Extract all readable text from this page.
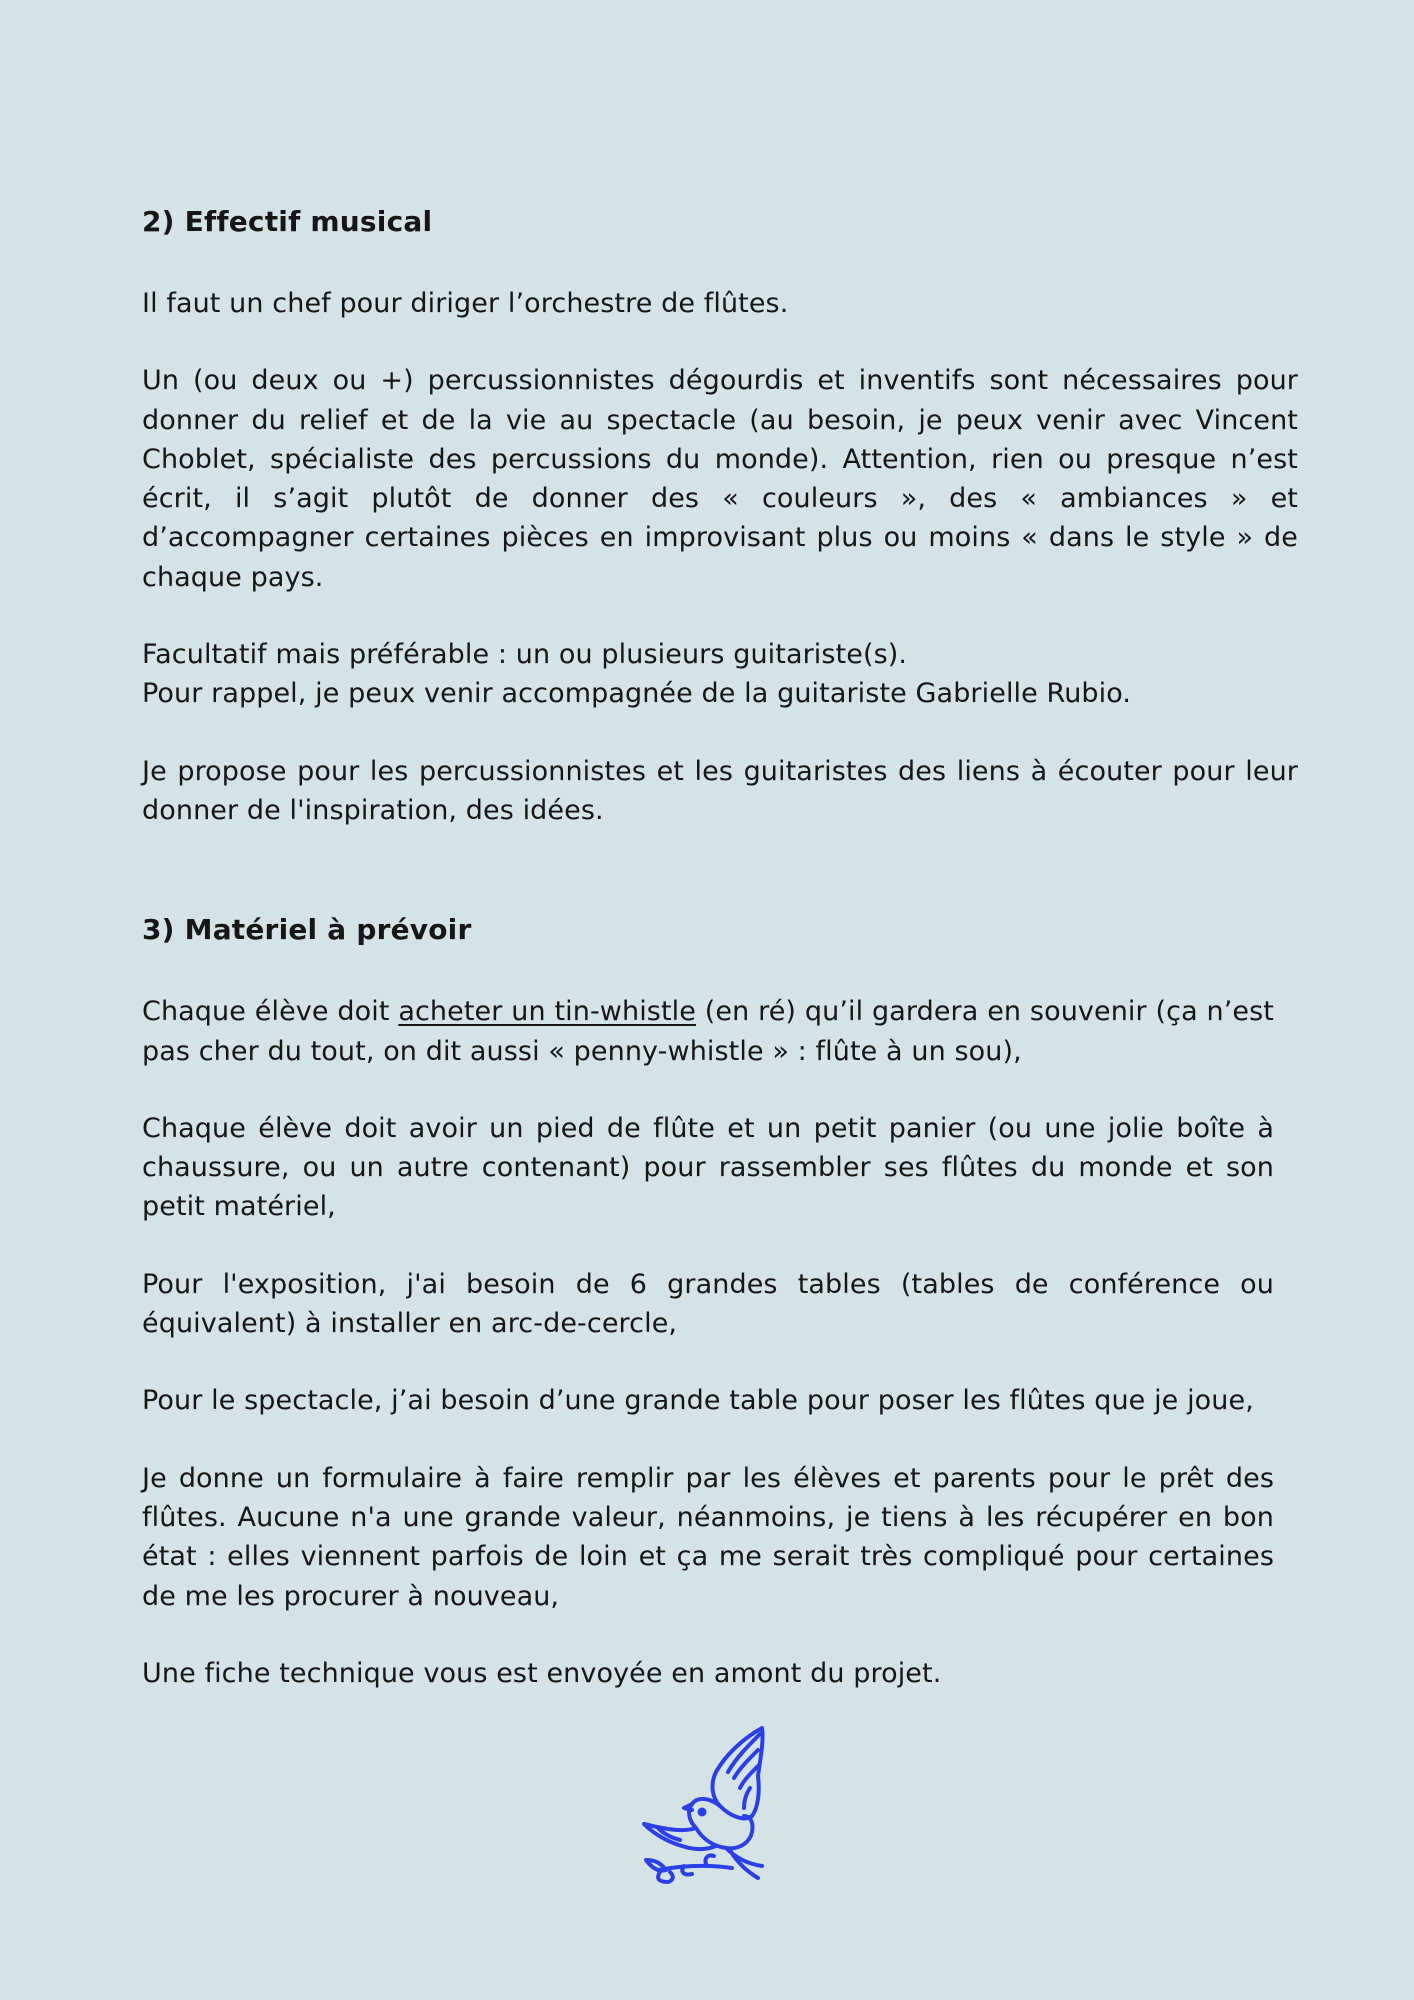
2) Effectif musical

Il faut un chef pour diriger l’orchestre de flûtes.

Un (ou deux ou +) percussionnistes dégourdis et inventifs sont nécessaires pour donner du relief et de la vie au spectacle (au besoin, je peux venir avec Vincent Choblet, spécialiste des percussions du monde). Attention, rien ou presque n’est écrit, il s’agit plutôt de donner des « couleurs », des « ambiances » et d’accompagner certaines pièces en improvisant plus ou moins « dans le style » de chaque pays.

Facultatif mais préférable : un ou plusieurs guitariste(s).
Pour rappel, je peux venir accompagnée de la guitariste Gabrielle Rubio.

Je propose pour les percussionnistes et les guitaristes des liens à écouter pour leur donner de l'inspiration, des idées.

3) Matériel à prévoir

Chaque élève doit acheter un tin-whistle (en ré) qu’il gardera en souvenir (ça n’est pas cher du tout, on dit aussi « penny-whistle » : flûte à un sou),

Chaque élève doit avoir un pied de flûte et un petit panier (ou une jolie boîte à chaussure, ou un autre contenant) pour rassembler ses flûtes du monde et son petit matériel,

Pour l'exposition, j'ai besoin de 6 grandes tables (tables de conférence ou équivalent) à installer en arc-de-cercle,

Pour le spectacle, j’ai besoin d’une grande table pour poser les flûtes que je joue,

Je donne un formulaire à faire remplir par les élèves et parents pour le prêt des flûtes. Aucune n'a une grande valeur, néanmoins, je tiens à les récupérer en bon état : elles viennent parfois de loin et ça me serait très compliqué pour certaines de me les procurer à nouveau,

Une fiche technique vous est envoyée en amont du projet.
